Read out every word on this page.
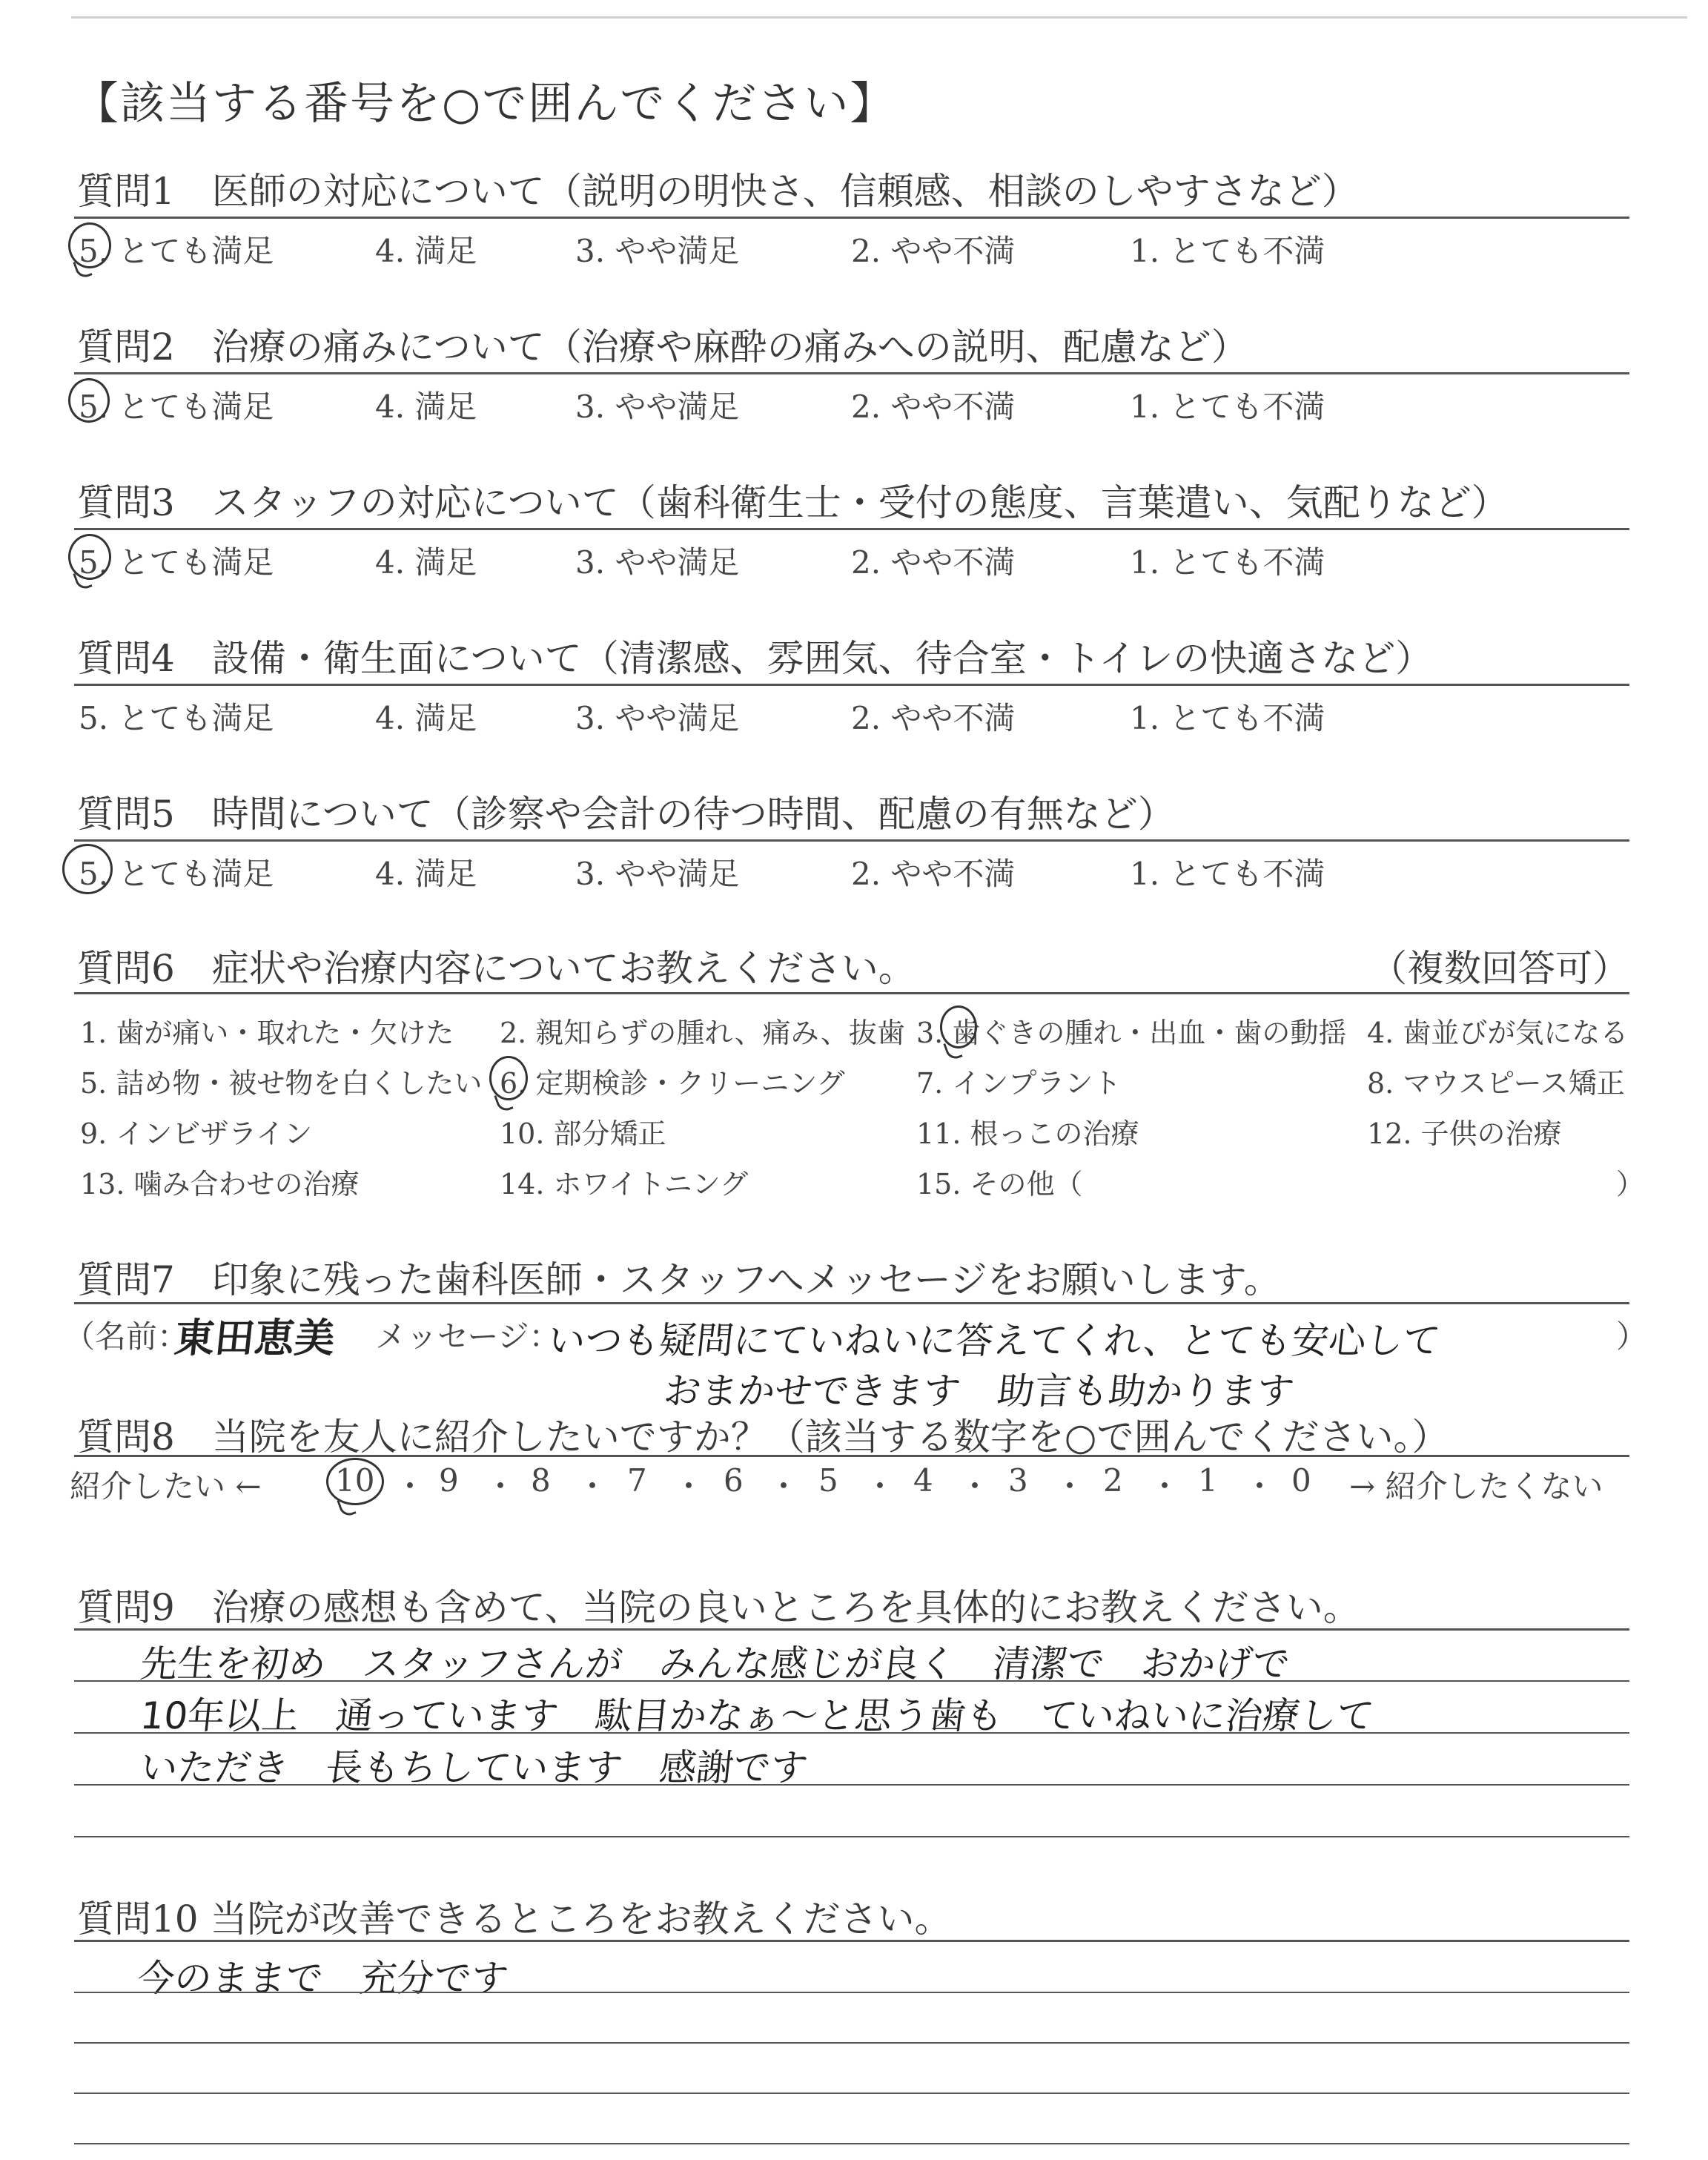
【該当する番号を○で囲んでください】
質問1　医師の対応について（説明の明快さ、信頼感、相談のしやすさなど）
5. とても満足	4. 満足	3. やや満足	2. やや不満	1. とても不満
質問2　治療の痛みについて（治療や麻酔の痛みへの説明、配慮など）
5. とても満足	4. 満足	3. やや満足	2. やや不満	1. とても不満
質問3　スタッフの対応について（歯科衛生士・受付の態度、言葉遣い、気配りなど）
5. とても満足	4. 満足	3. やや満足	2. やや不満	1. とても不満
質問4　設備・衛生面について（清潔感、雰囲気、待合室・トイレの快適さなど）
5. とても満足	4. 満足	3. やや満足	2. やや不満	1. とても不満
質問5　時間について（診察や会計の待つ時間、配慮の有無など）
5. とても満足	4. 満足	3. やや満足	2. やや不満	1. とても不満
質問6　症状や治療内容についてお教えください。	（複数回答可）
1. 歯が痛い・取れた・欠けた 2. 親知らずの腫れ、痛み、抜歯 3. 歯ぐきの腫れ・出血・歯の動揺 4. 歯並びが気になる
5. 詰め物・被せ物を白くしたい 6. 定期検診・クリーニング	7. インプラント	8. マウスピース矯正
9. インビザライン	10. 部分矯正	11. 根っこの治療	12. 子供の治療
13. 噛み合わせの治療	14. ホワイトニング	15. その他（	）
質問7　印象に残った歯科医師・スタッフへメッセージをお願いします。
（名前：
東田恵美 メッセージ：
いつも疑問にていねいに答えてくれ、とても安心して
おまかせできます　助言も助かります
）
質問8　当院を友人に紹介したいですか？（該当する数字を○で囲んでください。）
紹介したい ← 10 ・ 9 ・ 8 ・ 7 ・ 6 ・ 5 ・ 4 ・ 3 ・ 2 ・ 1 ・ 0 → 紹介したくない
質問9　治療の感想も含めて、当院の良いところを具体的にお教えください。
先生を初め　スタッフさんが　みんな感じが良く　清潔で　おかげで
10年以上　通っています　駄目かなぁ〜と思う歯も　ていねいに治療して
いただき　長もちしています　感謝です
質問10 当院が改善できるところをお教えください。
今のままで　充分です
